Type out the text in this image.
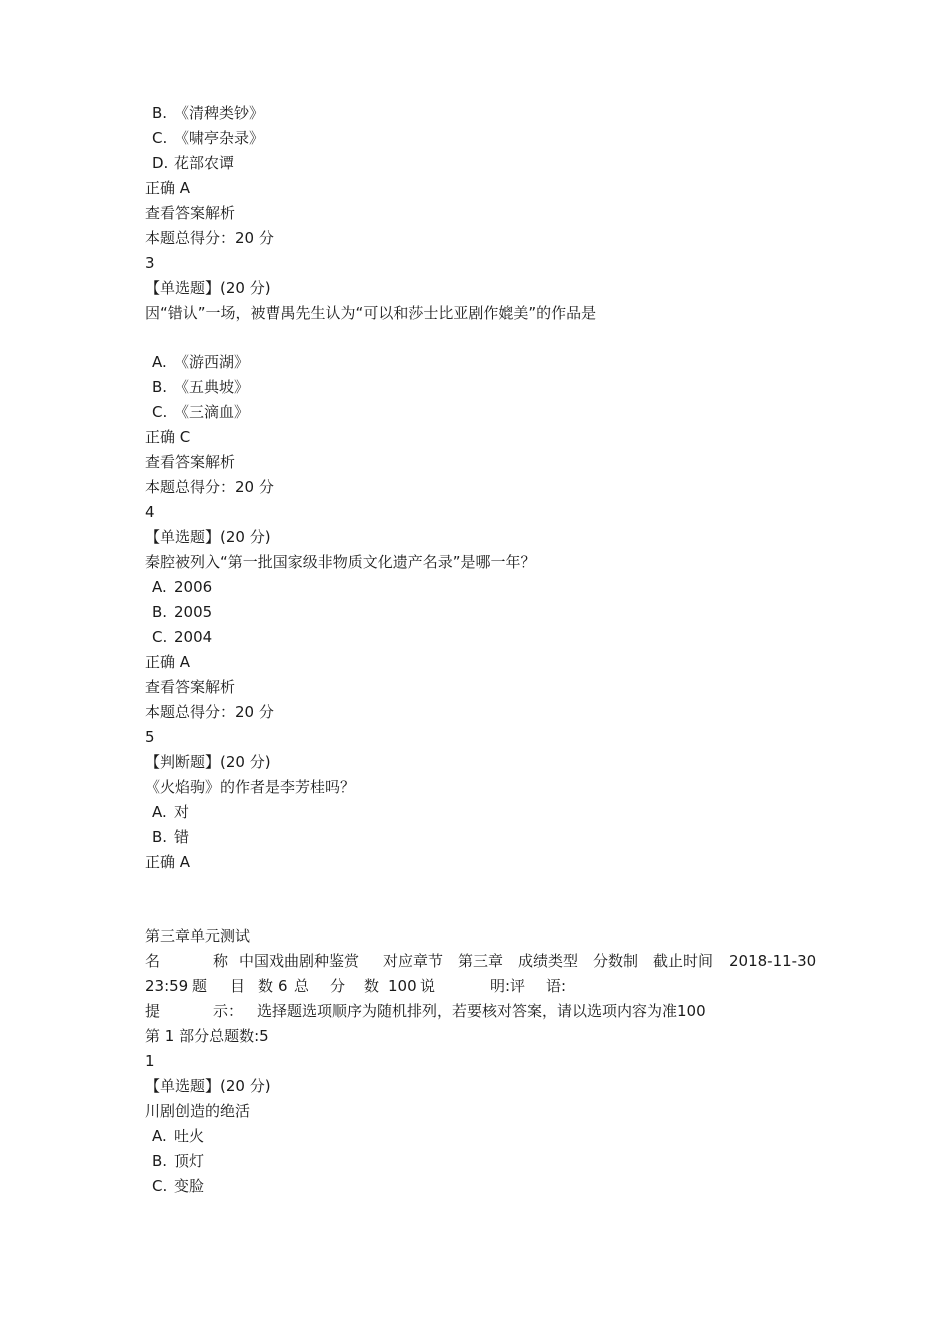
B. 《清稗类钞》
C. 《啸亭杂录》
D. 花部农谭
正确 A
查看答案解析
本题总得分：20 分
3
【单选题】(20 分)
因“错认”一场，被曹禺先生认为“可以和莎士比亚剧作媲美”的作品是
A. 《游西湖》
B. 《五典坡》
C. 《三滴血》
正确 C
查看答案解析
本题总得分：20 分
4
【单选题】(20 分)
秦腔被列入“第一批国家级非物质文化遗产名录”是哪一年？
A. 2006
B. 2005
C. 2004
正确 A
查看答案解析
本题总得分：20 分
5
【判断题】(20 分)
《火焰驹》的作者是李芳桂吗？
A. 对
B. 错
正确 A
第三章单元测试
名	称 中国戏曲剧种鉴赏 对应章节 第三章 成绩类型 分数制 截止时间 2018-11-30
23:59 题 目 数 6 总 分 数 100 说	明:评 语:
提	示： 选择题选项顺序为随机排列，若要核对答案，请以选项内容为准100
第 1 部分总题数:5
1
【单选题】(20 分)
川剧创造的绝活
A. 吐火
B. 顶灯
C. 变脸
